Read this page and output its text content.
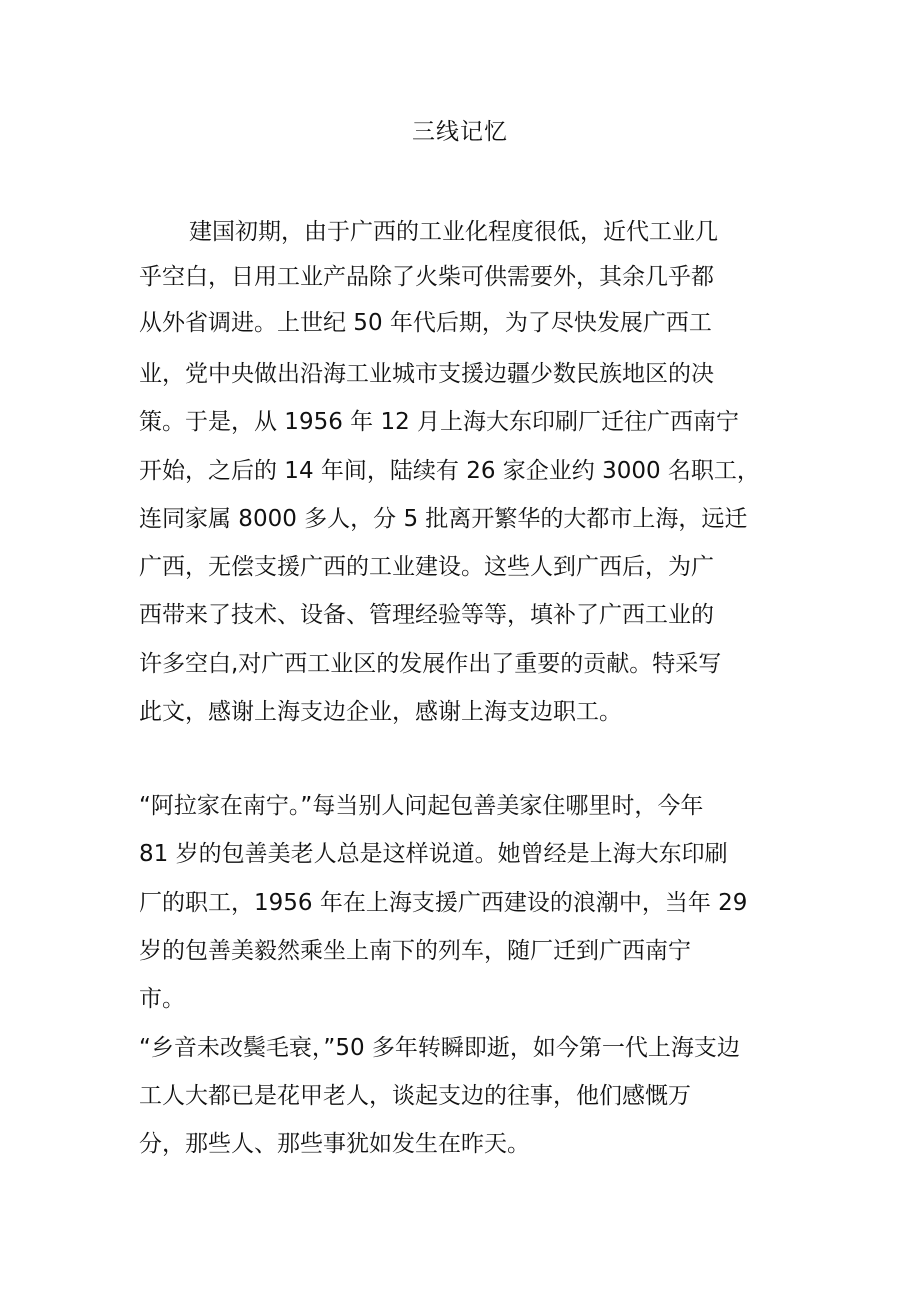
三线记忆
建国初期，由于广西的工业化程度很低，近代工业几
乎空白，日用工业产品除了火柴可供需要外，其余几乎都
从外省调进。上世纪 50 年代后期，为了尽快发展广西工
业，党中央做出沿海工业城市支援边疆少数民族地区的决
策。于是，从 1956 年 12 月上海大东印刷厂迁往广西南宁
开始，之后的 14 年间，陆续有 26 家企业约 3000 名职工，
连同家属 8000 多人，分 5 批离开繁华的大都市上海，远迁
广西，无偿支援广西的工业建设。这些人到广西后，为广
西带来了技术、设备、管理经验等等，填补了广西工业的
许多空白,对广西工业区的发展作出了重要的贡献。特采写
此文，感谢上海支边企业，感谢上海支边职工。
“阿拉家在南宁。”每当别人问起包善美家住哪里时，今年
81 岁的包善美老人总是这样说道。她曾经是上海大东印刷
厂的职工，1956 年在上海支援广西建设的浪潮中，当年 29
岁的包善美毅然乘坐上南下的列车，随厂迁到广西南宁
市。
“乡音未改鬓毛衰，”50 多年转瞬即逝，如今第一代上海支边
工人大都已是花甲老人，谈起支边的往事，他们感慨万
分，那些人、那些事犹如发生在昨天。
